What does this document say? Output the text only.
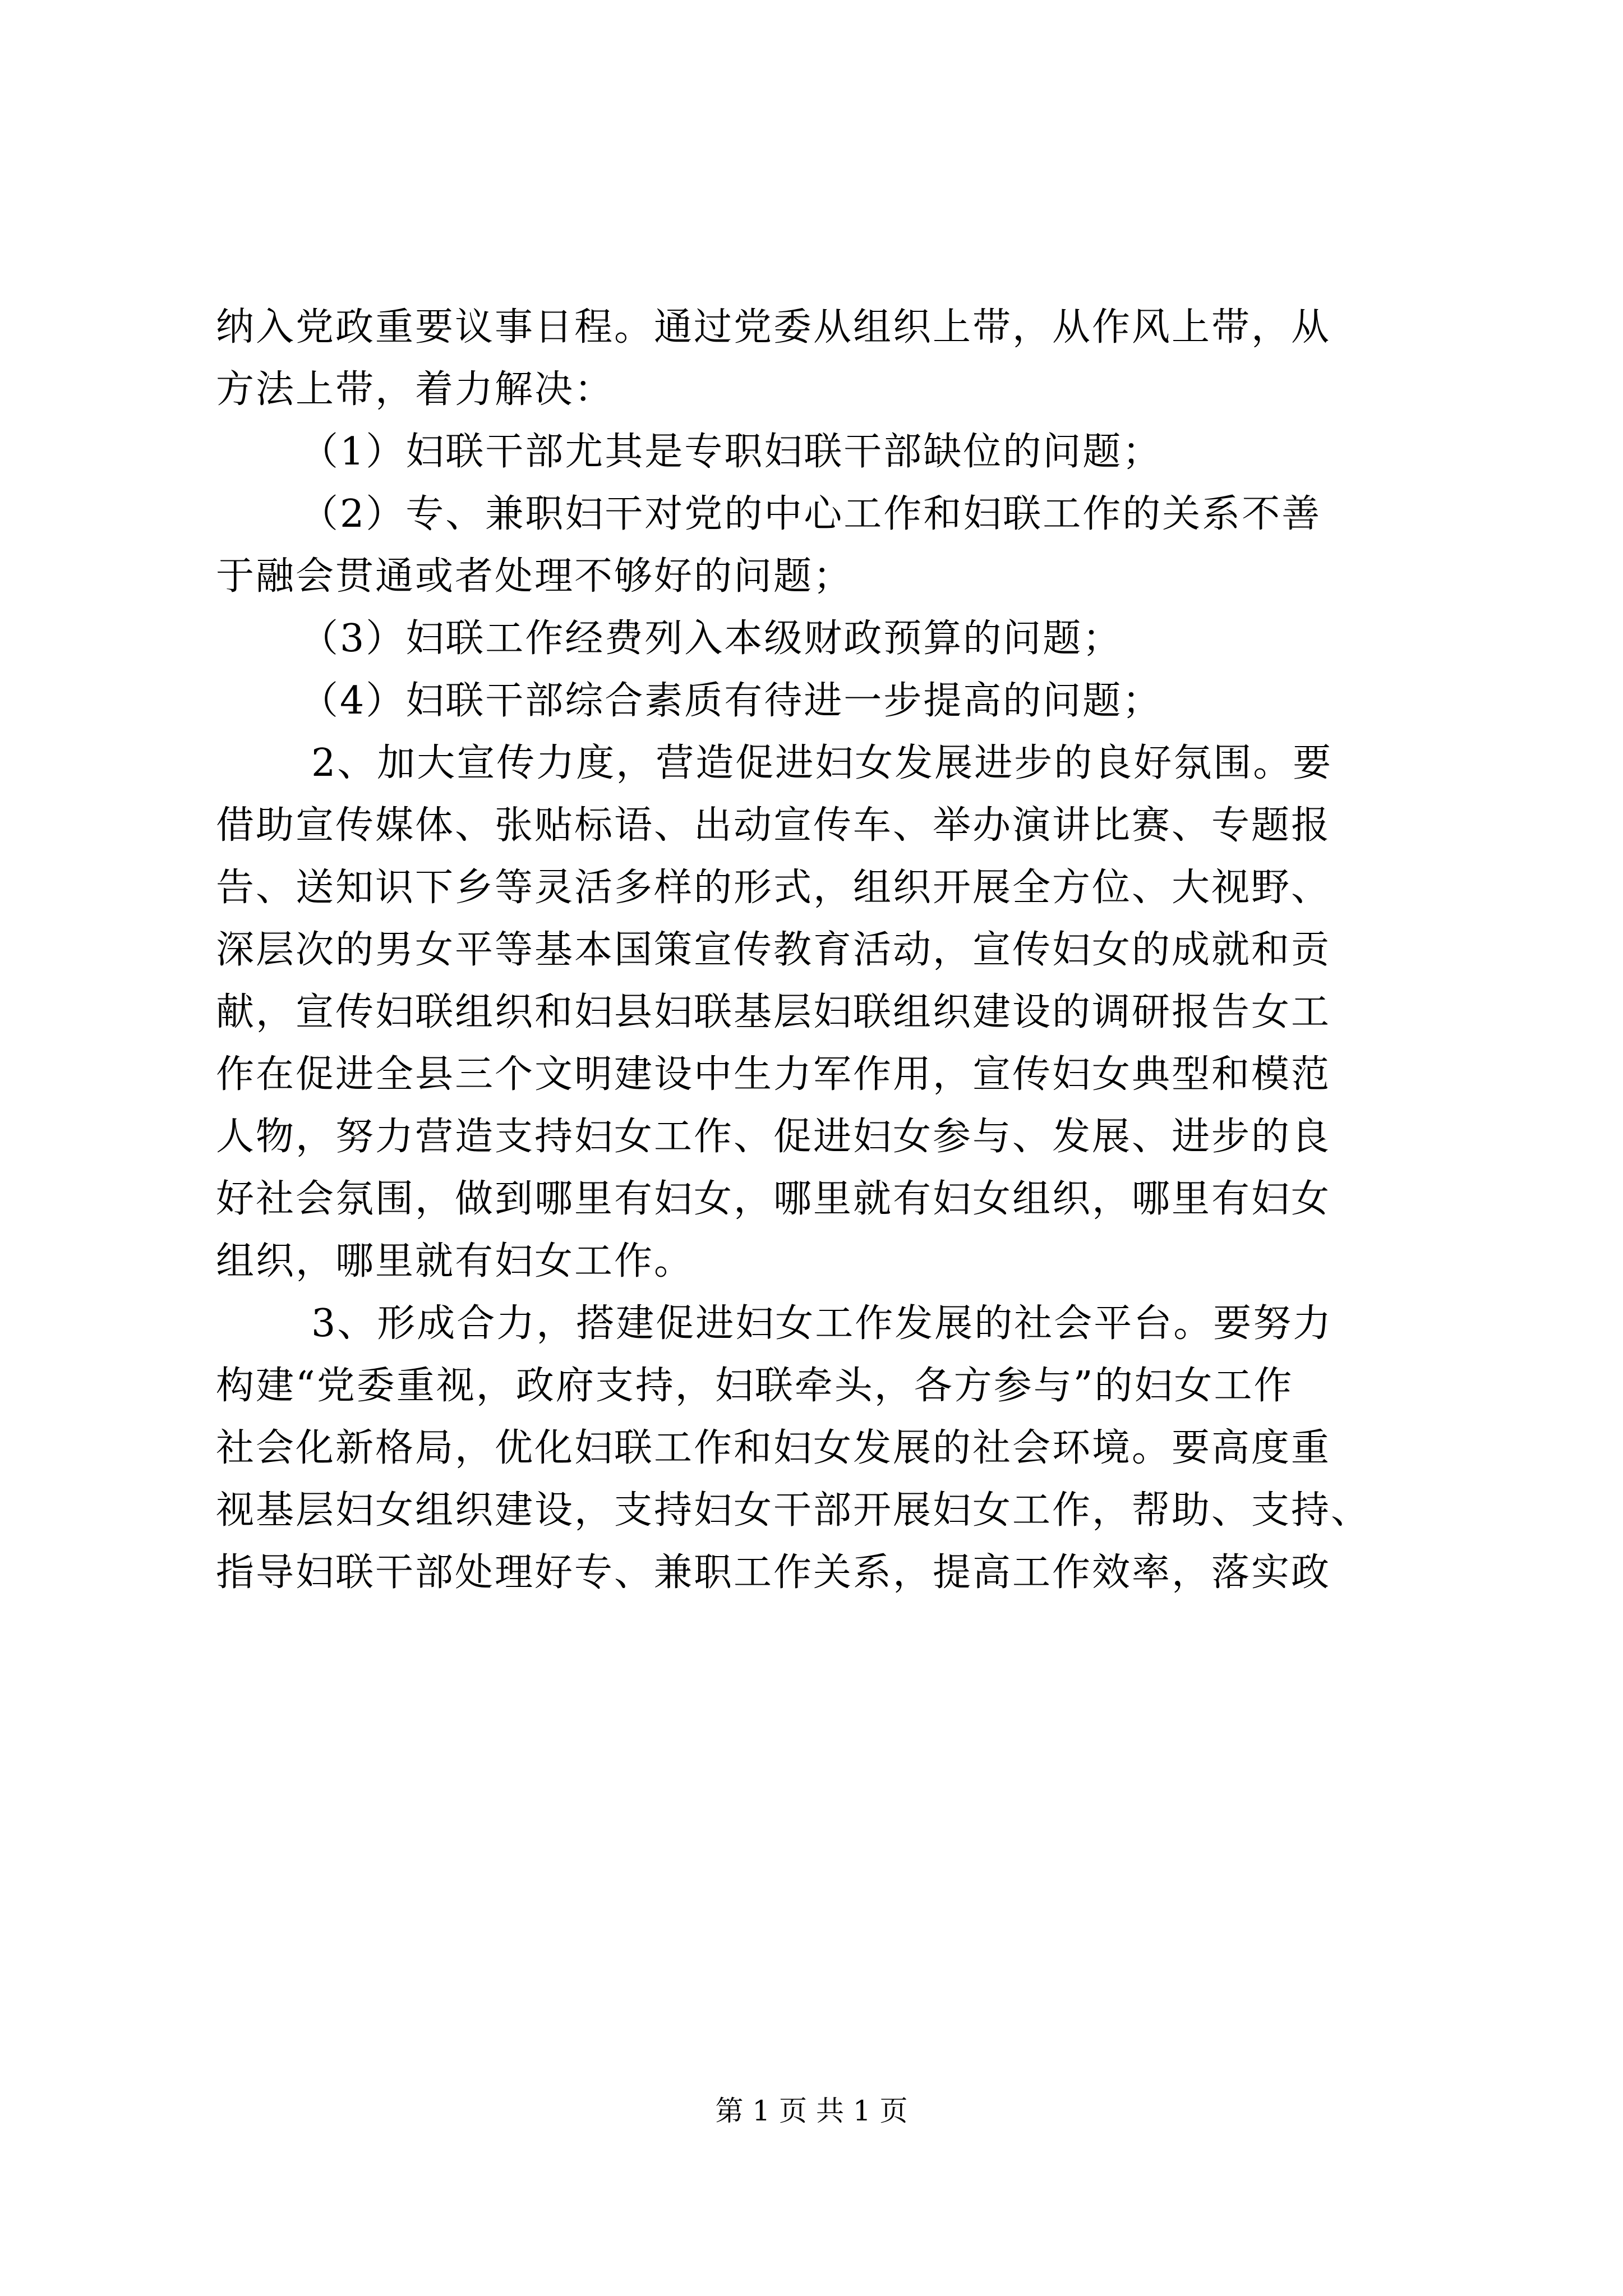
纳入党政重要议事日程。通过党委从组织上带，从作风上带，从
方法上带，着力解决：
（1）妇联干部尤其是专职妇联干部缺位的问题；
（2）专、兼职妇干对党的中心工作和妇联工作的关系不善
于融会贯通或者处理不够好的问题；
（3）妇联工作经费列入本级财政预算的问题；
（4）妇联干部综合素质有待进一步提高的问题；
2、加大宣传力度，营造促进妇女发展进步的良好氛围。要
借助宣传媒体、张贴标语、出动宣传车、举办演讲比赛、专题报
告、送知识下乡等灵活多样的形式，组织开展全方位、大视野、
深层次的男女平等基本国策宣传教育活动，宣传妇女的成就和贡
献，宣传妇联组织和妇县妇联基层妇联组织建设的调研报告女工
作在促进全县三个文明建设中生力军作用，宣传妇女典型和模范
人物，努力营造支持妇女工作、促进妇女参与、发展、进步的良
好社会氛围，做到哪里有妇女，哪里就有妇女组织，哪里有妇女
组织，哪里就有妇女工作。
3、形成合力，搭建促进妇女工作发展的社会平台。要努力
构建“党委重视，政府支持，妇联牵头，各方参与”的妇女工作
社会化新格局，优化妇联工作和妇女发展的社会环境。要高度重
视基层妇女组织建设，支持妇女干部开展妇女工作，帮助、支持、
指导妇联干部处理好专、兼职工作关系，提高工作效率，落实政
第 1 页 共 1 页
